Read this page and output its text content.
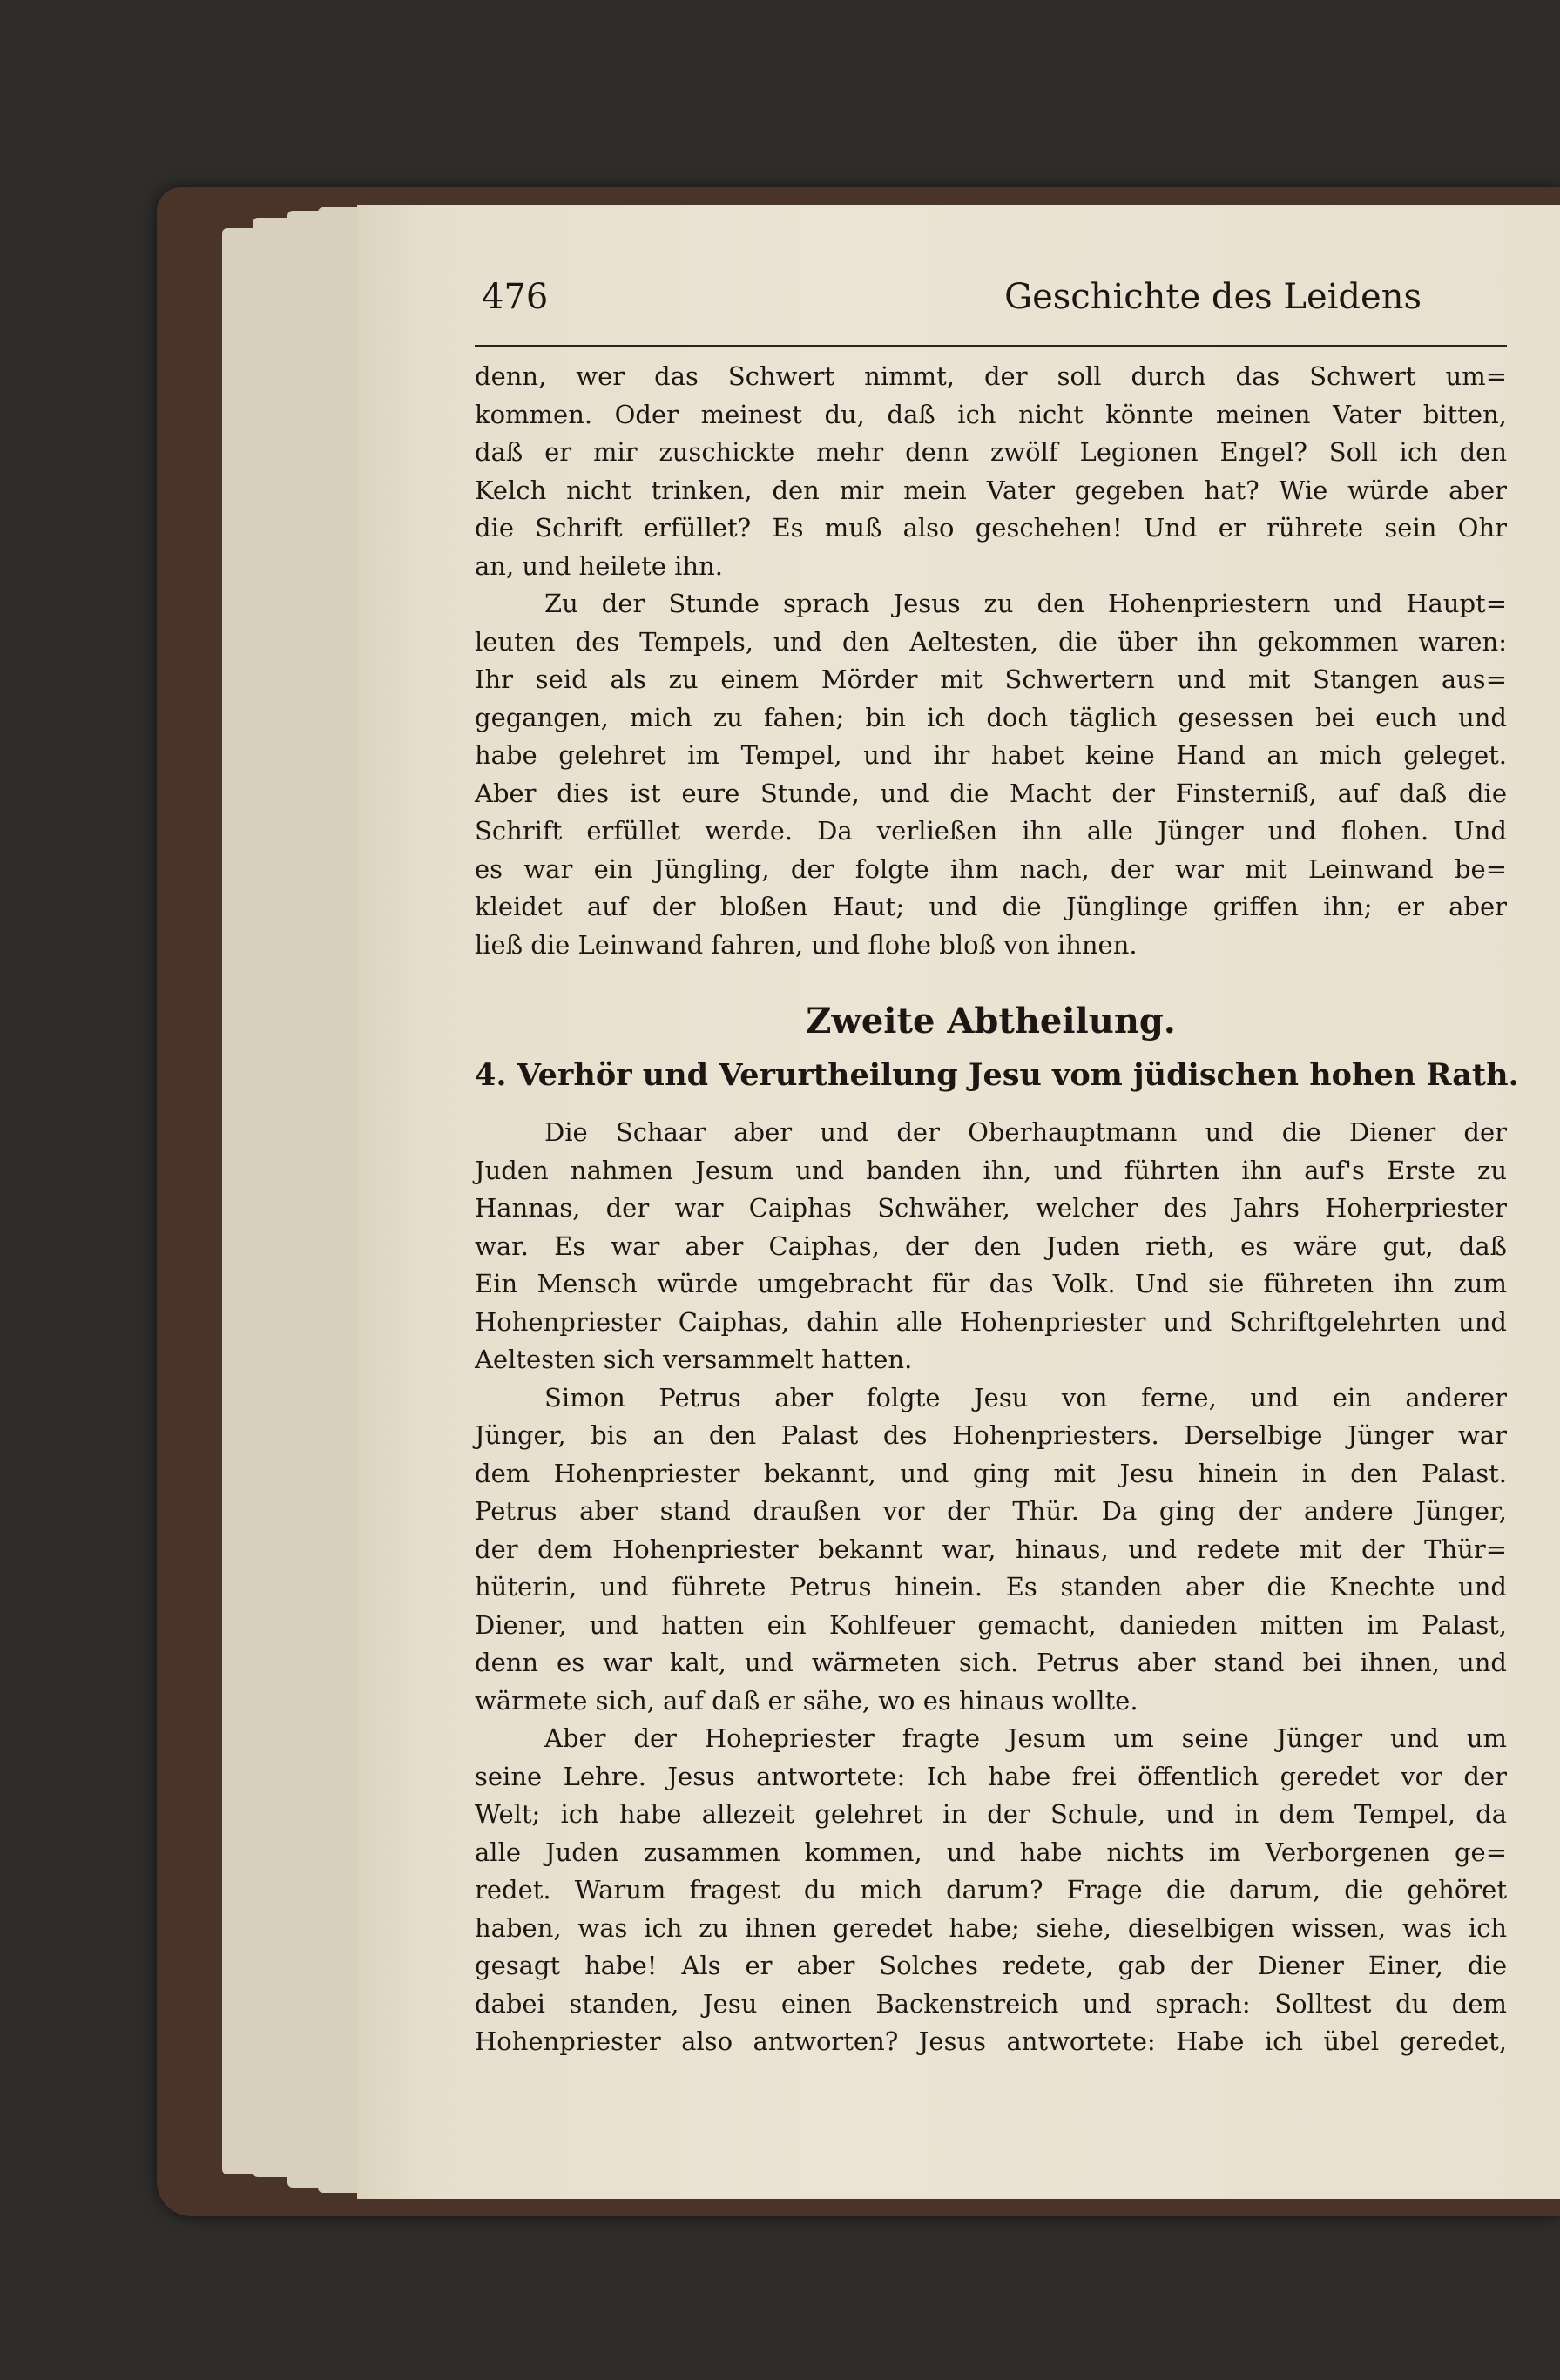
476	Geschichte des Leidens

denn, wer das Schwert nimmt, der soll durch das Schwert um=
kommen. Oder meinest du, daß ich nicht könnte meinen Vater bitten,
daß er mir zuschickte mehr denn zwölf Legionen Engel? Soll ich den
Kelch nicht trinken, den mir mein Vater gegeben hat? Wie würde aber
die Schrift erfüllet? Es muß also geschehen! Und er rührete sein Ohr
an, und heilete ihn.

Zu der Stunde sprach Jesus zu den Hohenpriestern und Haupt=
leuten des Tempels, und den Aeltesten, die über ihn gekommen waren:
Ihr seid als zu einem Mörder mit Schwertern und mit Stangen aus=
gegangen, mich zu fahen; bin ich doch täglich gesessen bei euch und
habe gelehret im Tempel, und ihr habet keine Hand an mich geleget.
Aber dies ist eure Stunde, und die Macht der Finsterniß, auf daß die
Schrift erfüllet werde. Da verließen ihn alle Jünger und flohen. Und
es war ein Jüngling, der folgte ihm nach, der war mit Leinwand be=
kleidet auf der bloßen Haut; und die Jünglinge griffen ihn; er aber
ließ die Leinwand fahren, und flohe bloß von ihnen.

Zweite Abtheilung.
4. Verhör und Verurtheilung Jesu vom jüdischen hohen Rath.

Die Schaar aber und der Oberhauptmann und die Diener der
Juden nahmen Jesum und banden ihn, und führten ihn auf's Erste zu
Hannas, der war Caiphas Schwäher, welcher des Jahrs Hoherpriester
war. Es war aber Caiphas, der den Juden rieth, es wäre gut, daß
Ein Mensch würde umgebracht für das Volk. Und sie führeten ihn zum
Hohenpriester Caiphas, dahin alle Hohenpriester und Schriftgelehrten und
Aeltesten sich versammelt hatten.

Simon Petrus aber folgte Jesu von ferne, und ein anderer
Jünger, bis an den Palast des Hohenpriesters. Derselbige Jünger war
dem Hohenpriester bekannt, und ging mit Jesu hinein in den Palast.
Petrus aber stand draußen vor der Thür. Da ging der andere Jünger,
der dem Hohenpriester bekannt war, hinaus, und redete mit der Thür=
hüterin, und führete Petrus hinein. Es standen aber die Knechte und
Diener, und hatten ein Kohlfeuer gemacht, danieden mitten im Palast,
denn es war kalt, und wärmeten sich. Petrus aber stand bei ihnen, und
wärmete sich, auf daß er sähe, wo es hinaus wollte.

Aber der Hohepriester fragte Jesum um seine Jünger und um
seine Lehre. Jesus antwortete: Ich habe frei öffentlich geredet vor der
Welt; ich habe allezeit gelehret in der Schule, und in dem Tempel, da
alle Juden zusammen kommen, und habe nichts im Verborgenen ge=
redet. Warum fragest du mich darum? Frage die darum, die gehöret
haben, was ich zu ihnen geredet habe; siehe, dieselbigen wissen, was ich
gesagt habe! Als er aber Solches redete, gab der Diener Einer, die
dabei standen, Jesu einen Backenstreich und sprach: Solltest du dem
Hohenpriester also antworten? Jesus antwortete: Habe ich übel geredet,
